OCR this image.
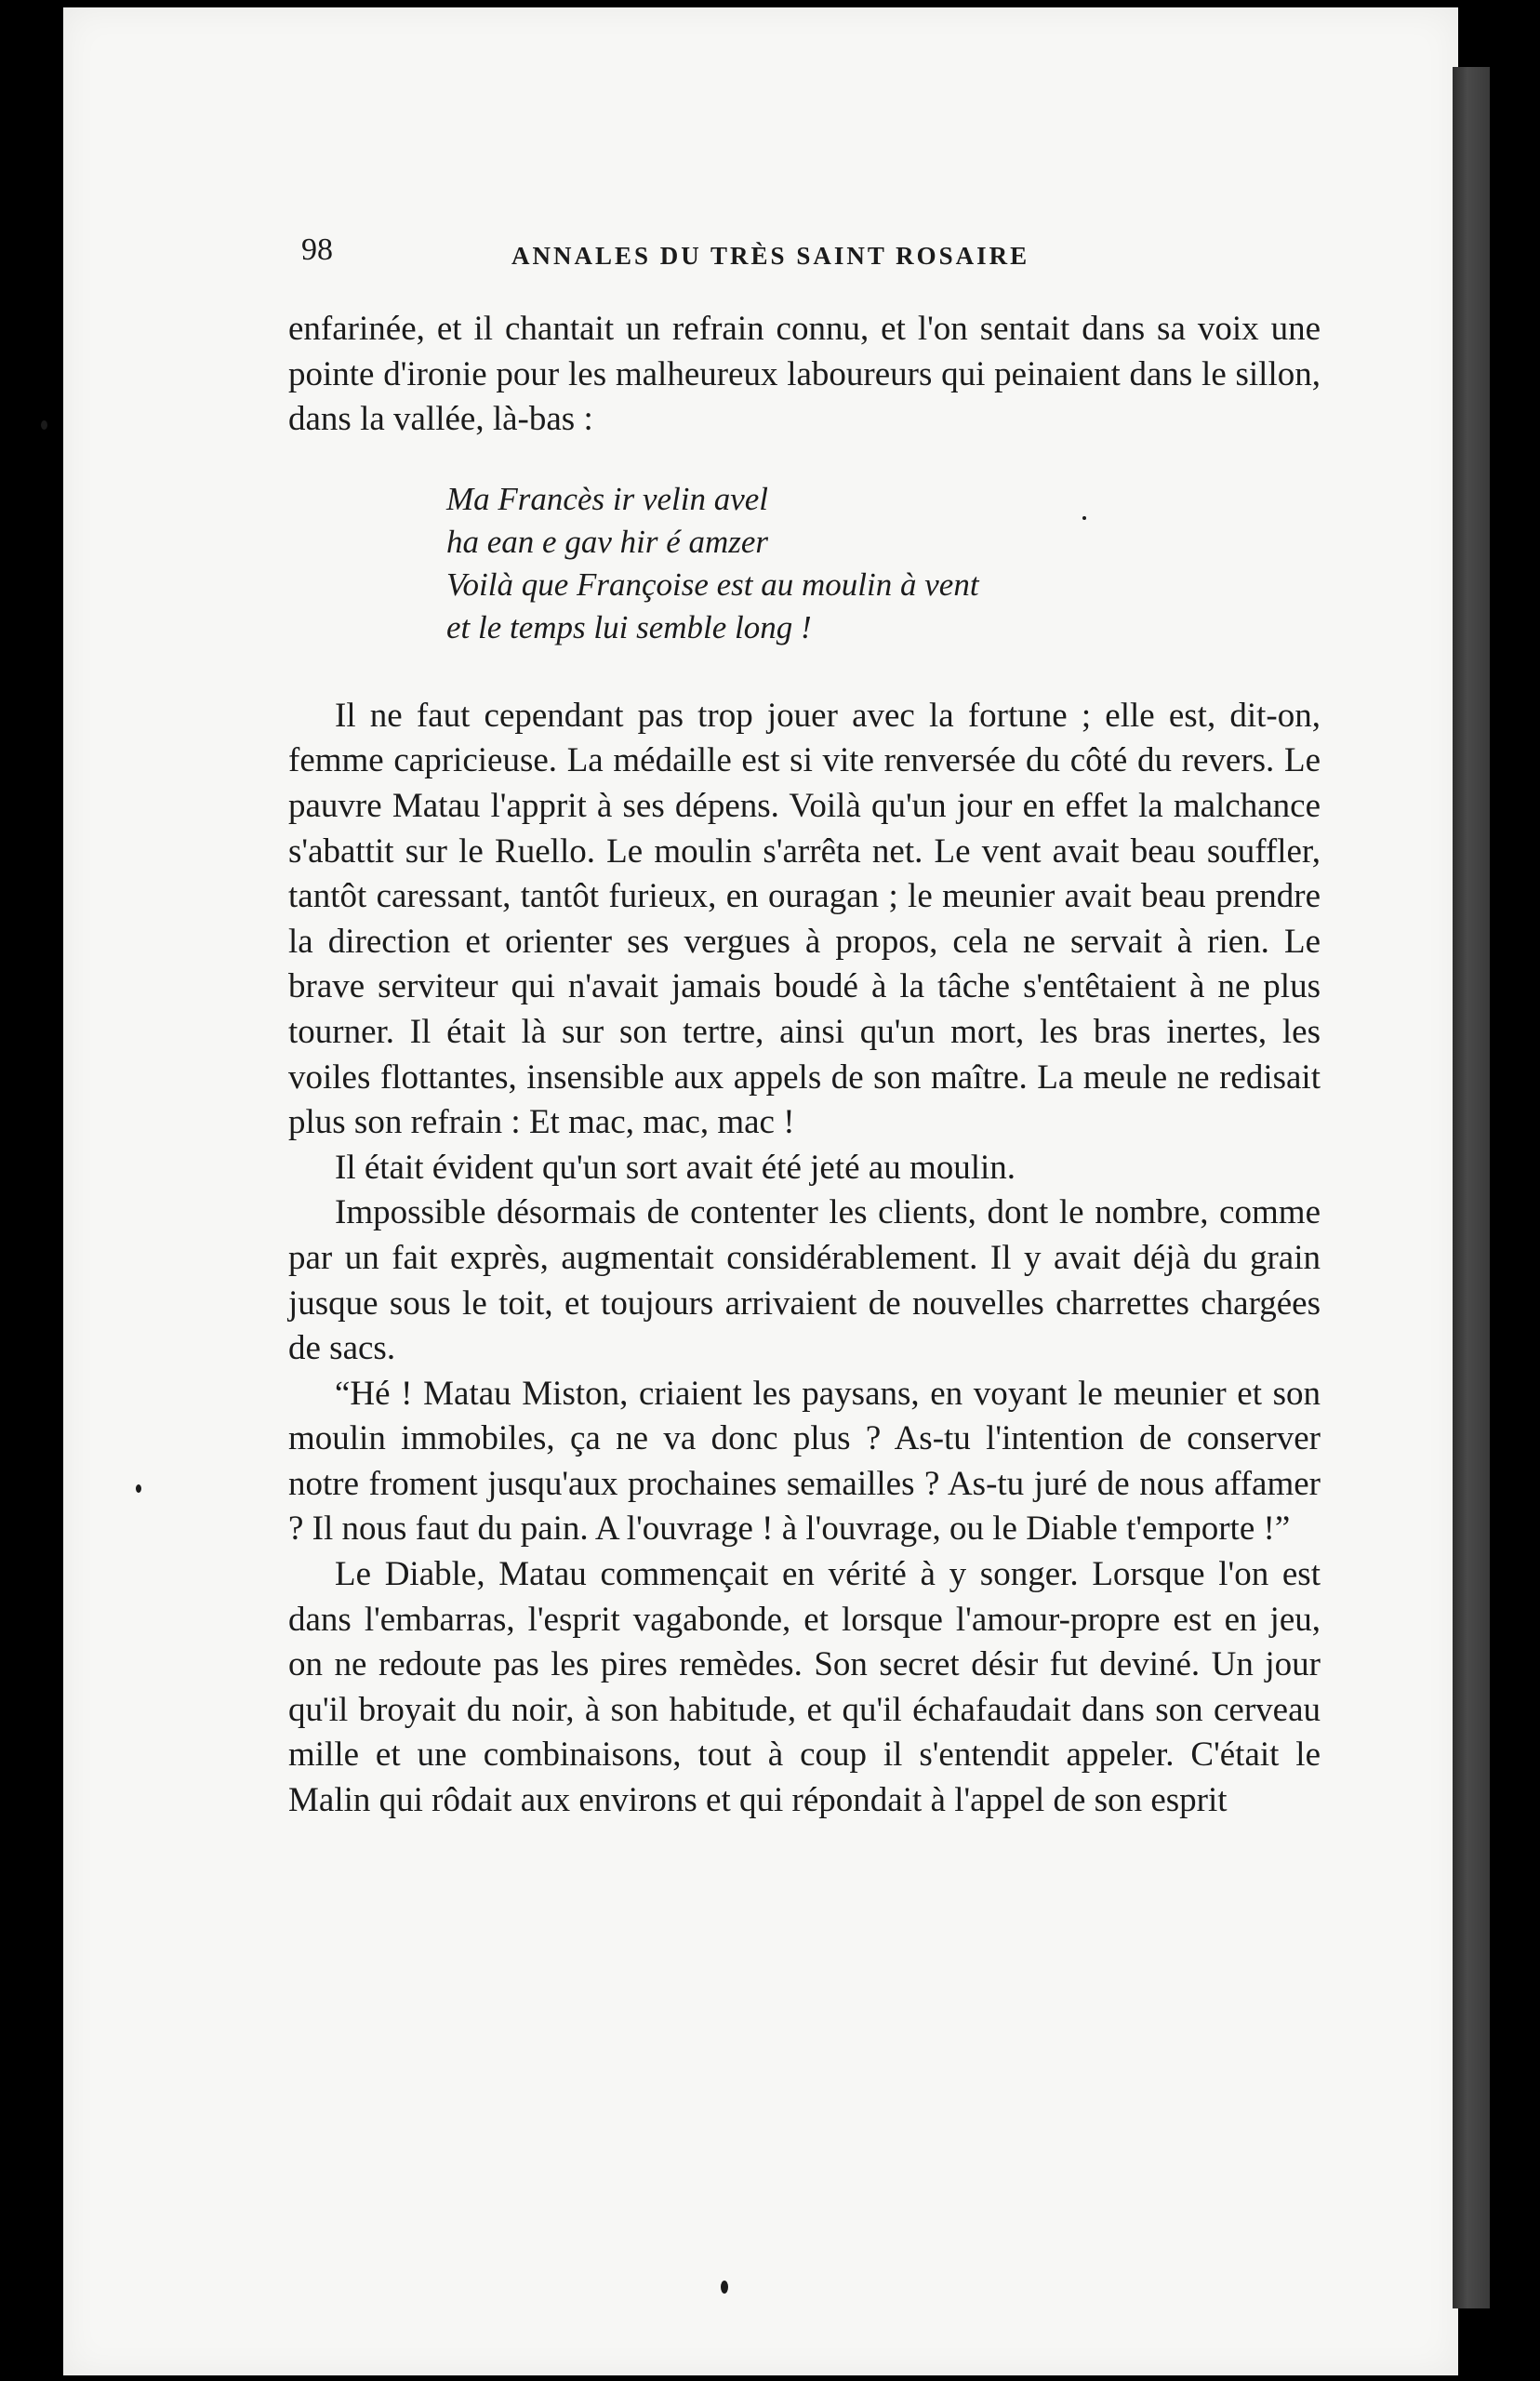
98	ANNALES DU TRÈS SAINT ROSAIRE

enfarinée, et il chantait un refrain connu, et l'on sentait dans sa voix une pointe d'ironie pour les malheureux laboureurs qui peinaient dans le sillon, dans la vallée, là-bas :

Ma Francès ir velin avel
ha ean e gav hir é amzer
Voilà que Françoise est au moulin à vent
et le temps lui semble long !

Il ne faut cependant pas trop jouer avec la fortune ; elle est, dit-on, femme capricieuse. La médaille est si vite renversée du côté du revers. Le pauvre Matau l'apprit à ses dépens. Voilà qu'un jour en effet la malchance s'abattit sur le Ruello. Le moulin s'arrêta net. Le vent avait beau souffler, tantôt caressant, tantôt furieux, en ouragan ; le meunier avait beau prendre la direction et orienter ses vergues à propos, cela ne servait à rien. Le brave serviteur qui n'avait jamais boudé à la tâche s'entêtaient à ne plus tourner. Il était là sur son tertre, ainsi qu'un mort, les bras inertes, les voiles flottantes, insensible aux appels de son maître. La meule ne redisait plus son refrain : Et mac, mac, mac !

Il était évident qu'un sort avait été jeté au moulin.

Impossible désormais de contenter les clients, dont le nombre, comme par un fait exprès, augmentait considérablement. Il y avait déjà du grain jusque sous le toit, et toujours arrivaient de nouvelles charrettes chargées de sacs.

“Hé ! Matau Miston, criaient les paysans, en voyant le meunier et son moulin immobiles, ça ne va donc plus ? As-tu l'intention de conserver notre froment jusqu'aux prochaines semailles ? As-tu juré de nous affamer ? Il nous faut du pain. A l'ouvrage ! à l'ouvrage, ou le Diable t'emporte !”

Le Diable, Matau commençait en vérité à y songer. Lorsque l'on est dans l'embarras, l'esprit vagabonde, et lorsque l'amour-propre est en jeu, on ne redoute pas les pires remèdes. Son secret désir fut deviné. Un jour qu'il broyait du noir, à son habitude, et qu'il échafaudait dans son cerveau mille et une combinaisons, tout à coup il s'entendit appeler. C'était le Malin qui rôdait aux environs et qui répondait à l'appel de son esprit
